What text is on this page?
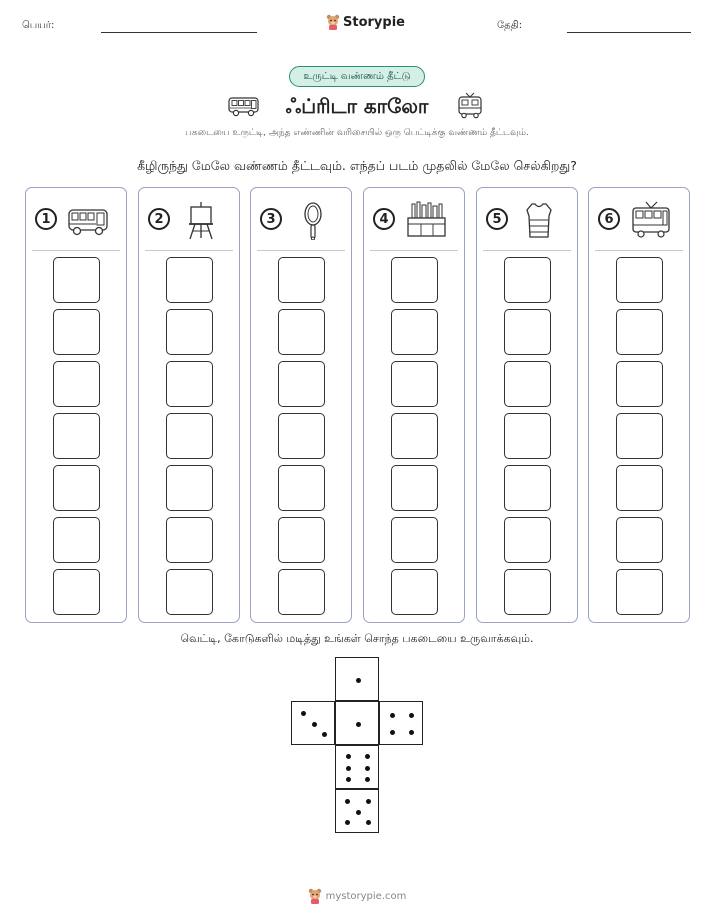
பெயர்:	Storypie	தேதி:
உருட்டி வண்ணம் தீட்டு
ஃப்ரிடா காலோ
பகடையை உருட்டி, அந்த எண்ணின் வரிசையில் ஒரு பெட்டிக்கு வண்ணம் தீட்டவும்.
கீழிருந்து மேலே வண்ணம் தீட்டவும். எந்தப் படம் முதலில் மேலே செல்கிறது?
1	2	3	4	5	6
வெட்டி, கோடுகளில் மடித்து உங்கள் சொந்த பகடையை உருவாக்கவும்.
mystorypie.com
